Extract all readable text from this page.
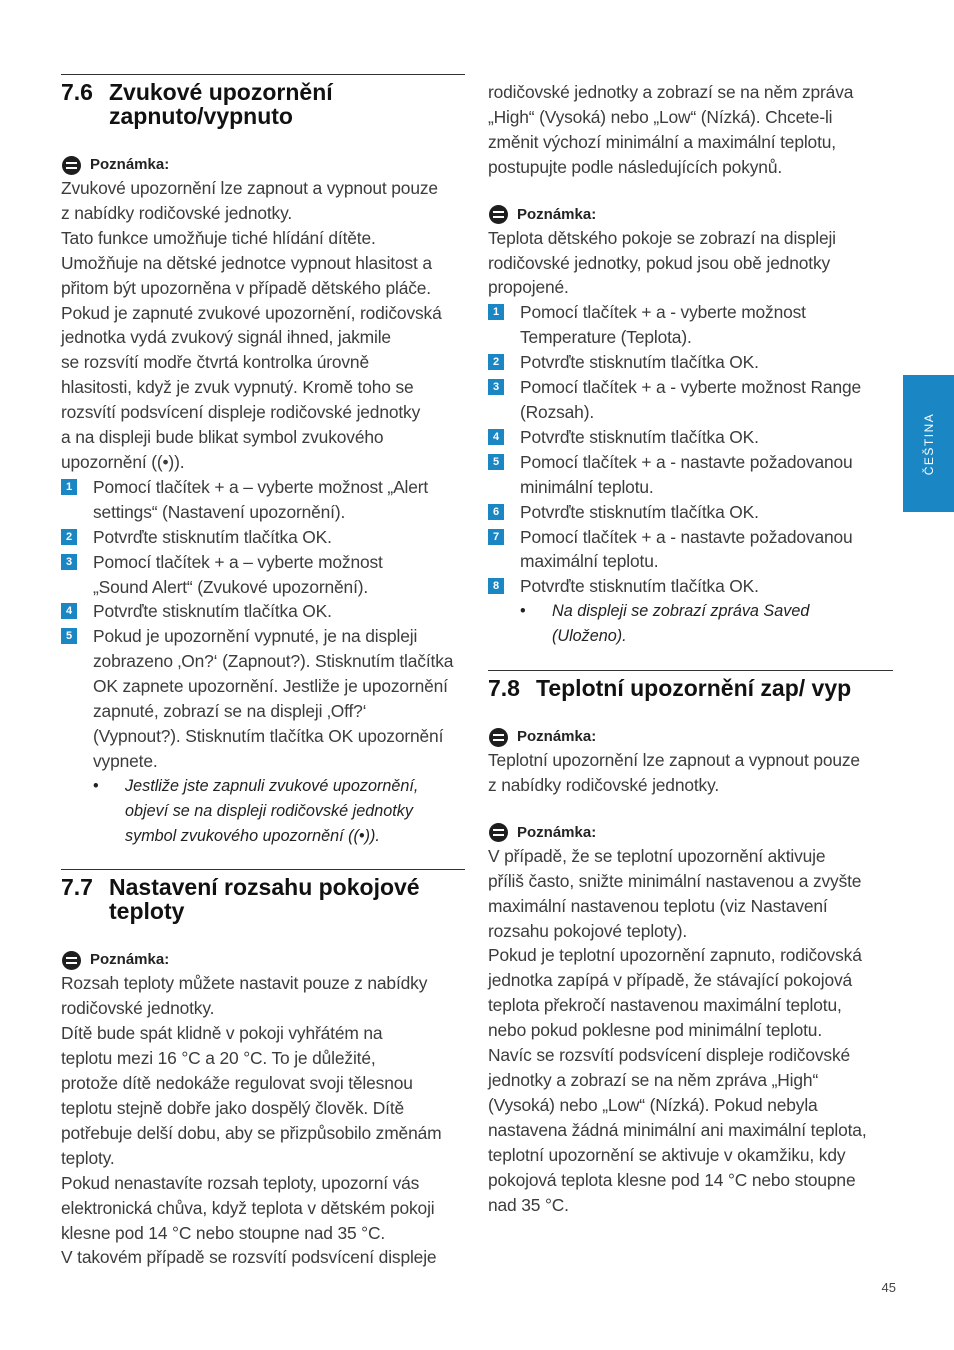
7.6 Zvukové upozornění zapnuto/vypnuto
Poznámka:

Zvukové upozornění lze zapnout a vypnout pouze

z nabídky rodičovské jednotky.

Tato funkce umožňuje tiché hlídání dítěte.

Umožňuje na dětské jednotce vypnout hlasitost a

přitom být upozorněna v případě dětského pláče.

Pokud je zapnuté zvukové upozornění, rodičovská

jednotka vydá zvukový signál ihned, jakmile

se rozsvítí modře čtvrtá kontrolka úrovně

hlasitosti, když je zvuk vypnutý. Kromě toho se

rozsvítí podsvícení displeje rodičovské jednotky

a na displeji bude blikat symbol zvukového

upozornění ((•)).

1 Pomocí tlačítek + a – vyberte možnost „Alert
settings“ (Nastavení upozornění).
2 Potvrďte stisknutím tlačítka OK.
3 Pomocí tlačítek + a – vyberte možnost
„Sound Alert“ (Zvukové upozornění).
4 Potvrďte stisknutím tlačítka OK.
5 Pokud je upozornění vypnuté, je na displeji
zobrazeno ‚On?‘ (Zapnout?). Stisknutím tlačítka
OK zapnete upozornění. Jestliže je upozornění
zapnuté, zobrazí se na displeji ‚Off?‘
(Vypnout?). Stisknutím tlačítka OK upozornění
vypnete.
•	Jestliže jste zapnuli zvukové upozornění,
objeví se na displeji rodičovské jednotky
symbol zvukového upozornění ((•)).
7.7 Nastavení rozsahu pokojové teploty
Poznámka:

Rozsah teploty můžete nastavit pouze z nabídky

rodičovské jednotky.

Dítě bude spát klidně v pokoji vyhřátém na

teplotu mezi 16 °C a 20 °C. To je důležité,

protože dítě nedokáže regulovat svoji tělesnou

teplotu stejně dobře jako dospělý člověk. Dítě

potřebuje delší dobu, aby se přizpůsobilo změnám

teploty.

Pokud nenastavíte rozsah teploty, upozorní vás

elektronická chůva, když teplota v dětském pokoji

klesne pod 14 °C nebo stoupne nad 35 °C.

V takovém případě se rozsvítí podsvícení displeje

rodičovské jednotky a zobrazí se na něm zpráva

„High“ (Vysoká) nebo „Low“ (Nízká). Chcete-li

změnit výchozí minimální a maximální teplotu,

postupujte podle následujících pokynů.

Poznámka:

Teplota dětského pokoje se zobrazí na displeji

rodičovské jednotky, pokud jsou obě jednotky

propojené.

1 Pomocí tlačítek + a - vyberte možnost
Temperature (Teplota).
2 Potvrďte stisknutím tlačítka OK.
3 Pomocí tlačítek + a - vyberte možnost Range
(Rozsah).
4 Potvrďte stisknutím tlačítka OK.
5 Pomocí tlačítek + a - nastavte požadovanou
minimální teplotu.
6 Potvrďte stisknutím tlačítka OK.
7 Pomocí tlačítek + a - nastavte požadovanou
maximální teplotu.
8 Potvrďte stisknutím tlačítka OK.
•	Na displeji se zobrazí zpráva Saved
(Uloženo).
7.8 Teplotní upozornění zap/ vyp
Poznámka:

Teplotní upozornění lze zapnout a vypnout pouze

z nabídky rodičovské jednotky.

Poznámka:

V případě, že se teplotní upozornění aktivuje

příliš často, snižte minimální nastavenou a zvyšte

maximální nastavenou teplotu (viz Nastavení

rozsahu pokojové teploty).

Pokud je teplotní upozornění zapnuto, rodičovská

jednotka zapípá v případě, že stávající pokojová

teplota překročí nastavenou maximální teplotu,

nebo pokud poklesne pod minimální teplotu.

Navíc se rozsvítí podsvícení displeje rodičovské

jednotky a zobrazí se na něm zpráva „High“

(Vysoká) nebo „Low“ (Nízká). Pokud nebyla

nastavena žádná minimální ani maximální teplota,

teplotní upozornění se aktivuje v okamžiku, kdy

pokojová teplota klesne pod 14 °C nebo stoupne

nad 35 °C.

ČEŠTINA
45
